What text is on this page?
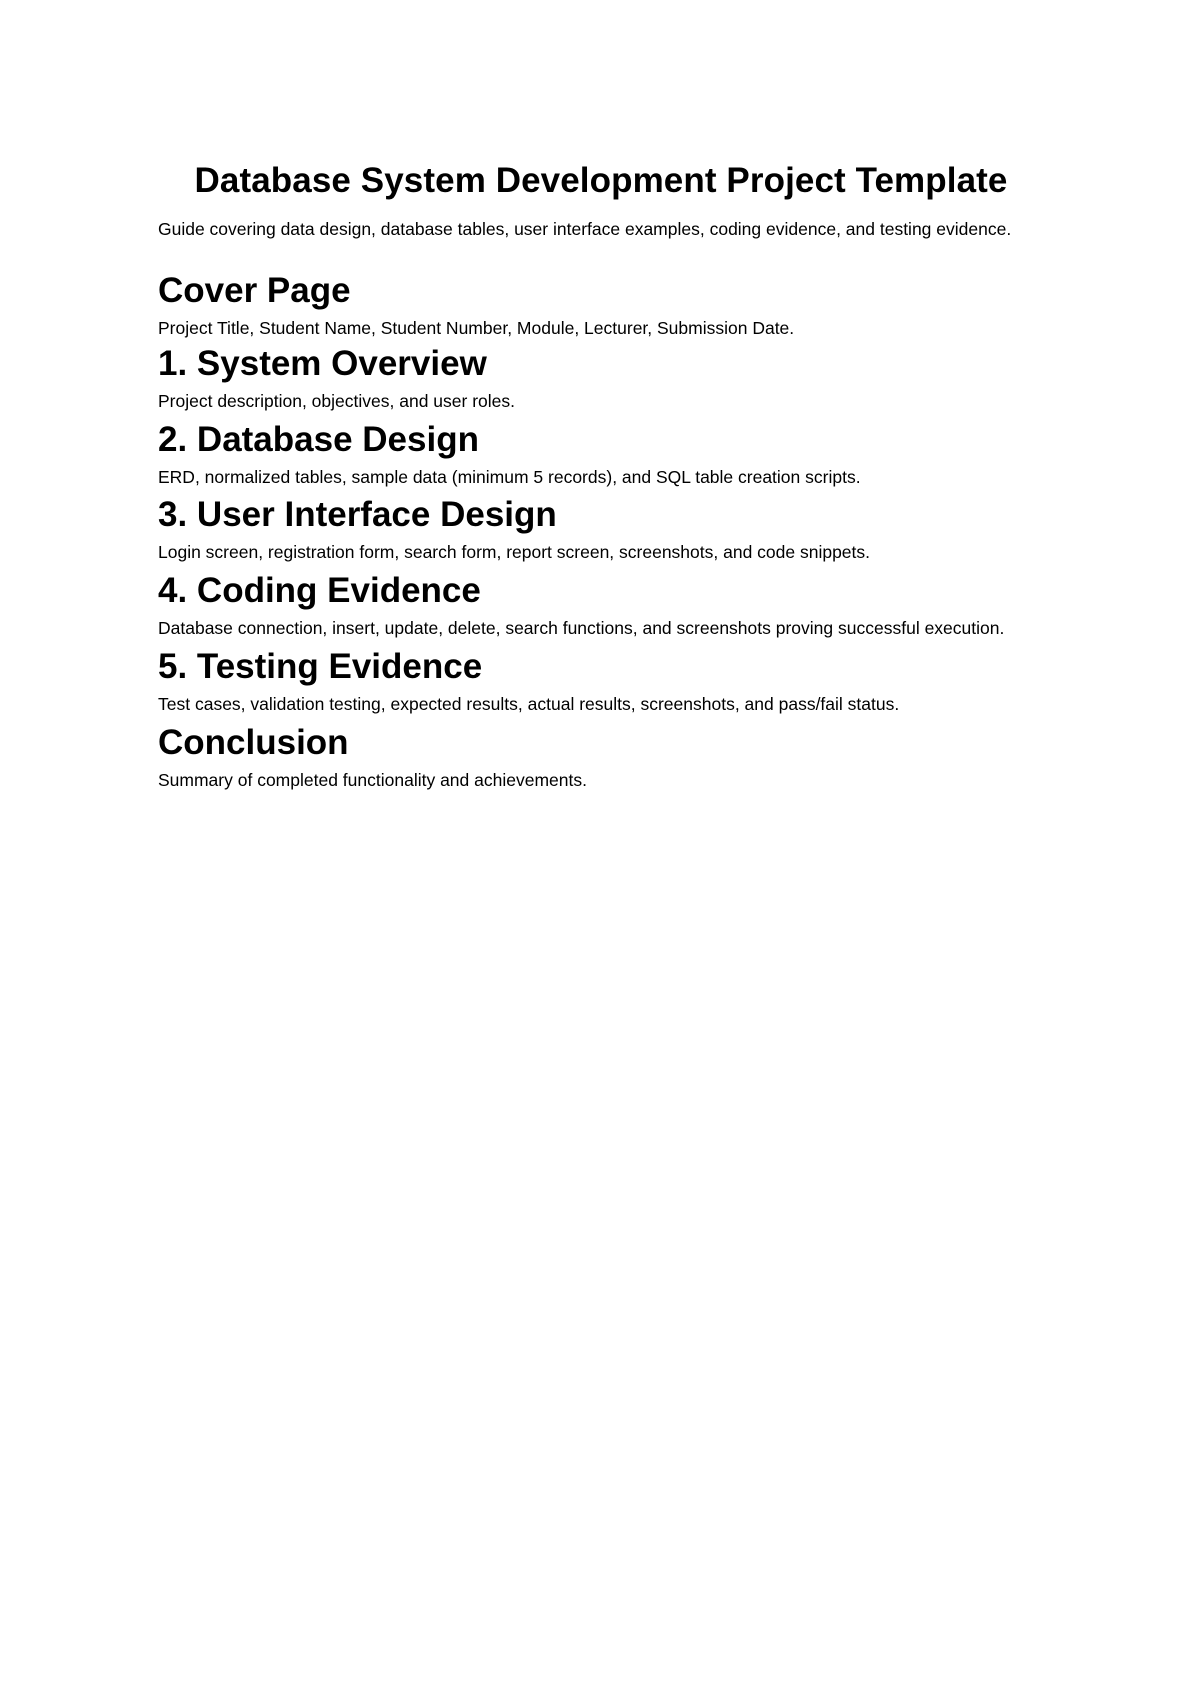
Database System Development Project Template

Guide covering data design, database tables, user interface examples, coding evidence, and testing evidence.

Cover Page

Project Title, Student Name, Student Number, Module, Lecturer, Submission Date.

1. System Overview

Project description, objectives, and user roles.

2. Database Design

ERD, normalized tables, sample data (minimum 5 records), and SQL table creation scripts.

3. User Interface Design

Login screen, registration form, search form, report screen, screenshots, and code snippets.

4. Coding Evidence

Database connection, insert, update, delete, search functions, and screenshots proving successful execution.

5. Testing Evidence

Test cases, validation testing, expected results, actual results, screenshots, and pass/fail status.

Conclusion

Summary of completed functionality and achievements.
